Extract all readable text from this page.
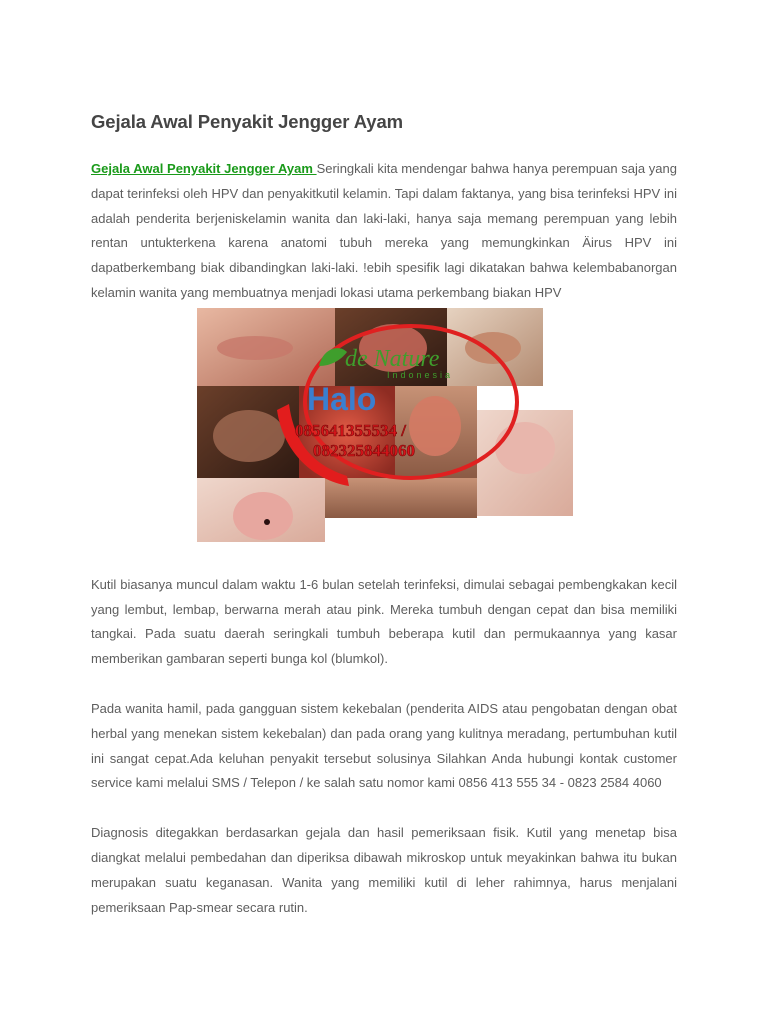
Gejala Awal Penyakit Jengger Ayam

Gejala Awal Penyakit Jengger Ayam Seringkali kita mendengar bahwa hanya perempuan saja yang dapat terinfeksi oleh HPV dan penyakitkutil kelamin. Tapi dalam faktanya, yang bisa terinfeksi HPV ini adalah penderita berjeniskelamin wanita dan laki-laki, hanya saja memang perempuan yang lebih rentan untukterkena karena anatomi tubuh mereka yang memungkinkan Äirus HPV ini dapatberkembang biak dibandingkan laki-laki. !ebih spesifik lagi dikatakan bahwa kelembabanorgan kelamin wanita yang membuatnya menjadi lokasi utama perkembang biakan HPV

de Nature
Indonesia
Halo
085641355534 /
082325844060

Kutil biasanya muncul dalam waktu 1-6 bulan setelah terinfeksi, dimulai sebagai pembengkakan kecil yang lembut, lembap, berwarna merah atau pink. Mereka tumbuh dengan cepat dan bisa memiliki tangkai. Pada suatu daerah seringkali tumbuh beberapa kutil dan permukaannya yang kasar memberikan gambaran seperti bunga kol (blumkol).

Pada wanita hamil, pada gangguan sistem kekebalan (penderita AIDS atau pengobatan dengan obat herbal yang menekan sistem kekebalan) dan pada orang yang kulitnya meradang, pertumbuhan kutil ini sangat cepat.Ada keluhan penyakit tersebut solusinya Silahkan Anda hubungi kontak customer service kami melalui SMS / Telepon / ke salah satu nomor kami 0856 413 555 34 - 0823 2584 4060

Diagnosis ditegakkan berdasarkan gejala dan hasil pemeriksaan fisik. Kutil yang menetap bisa diangkat melalui pembedahan dan diperiksa dibawah mikroskop untuk meyakinkan bahwa itu bukan merupakan suatu keganasan. Wanita yang memiliki kutil di leher rahimnya, harus menjalani pemeriksaan Pap-smear secara rutin.
